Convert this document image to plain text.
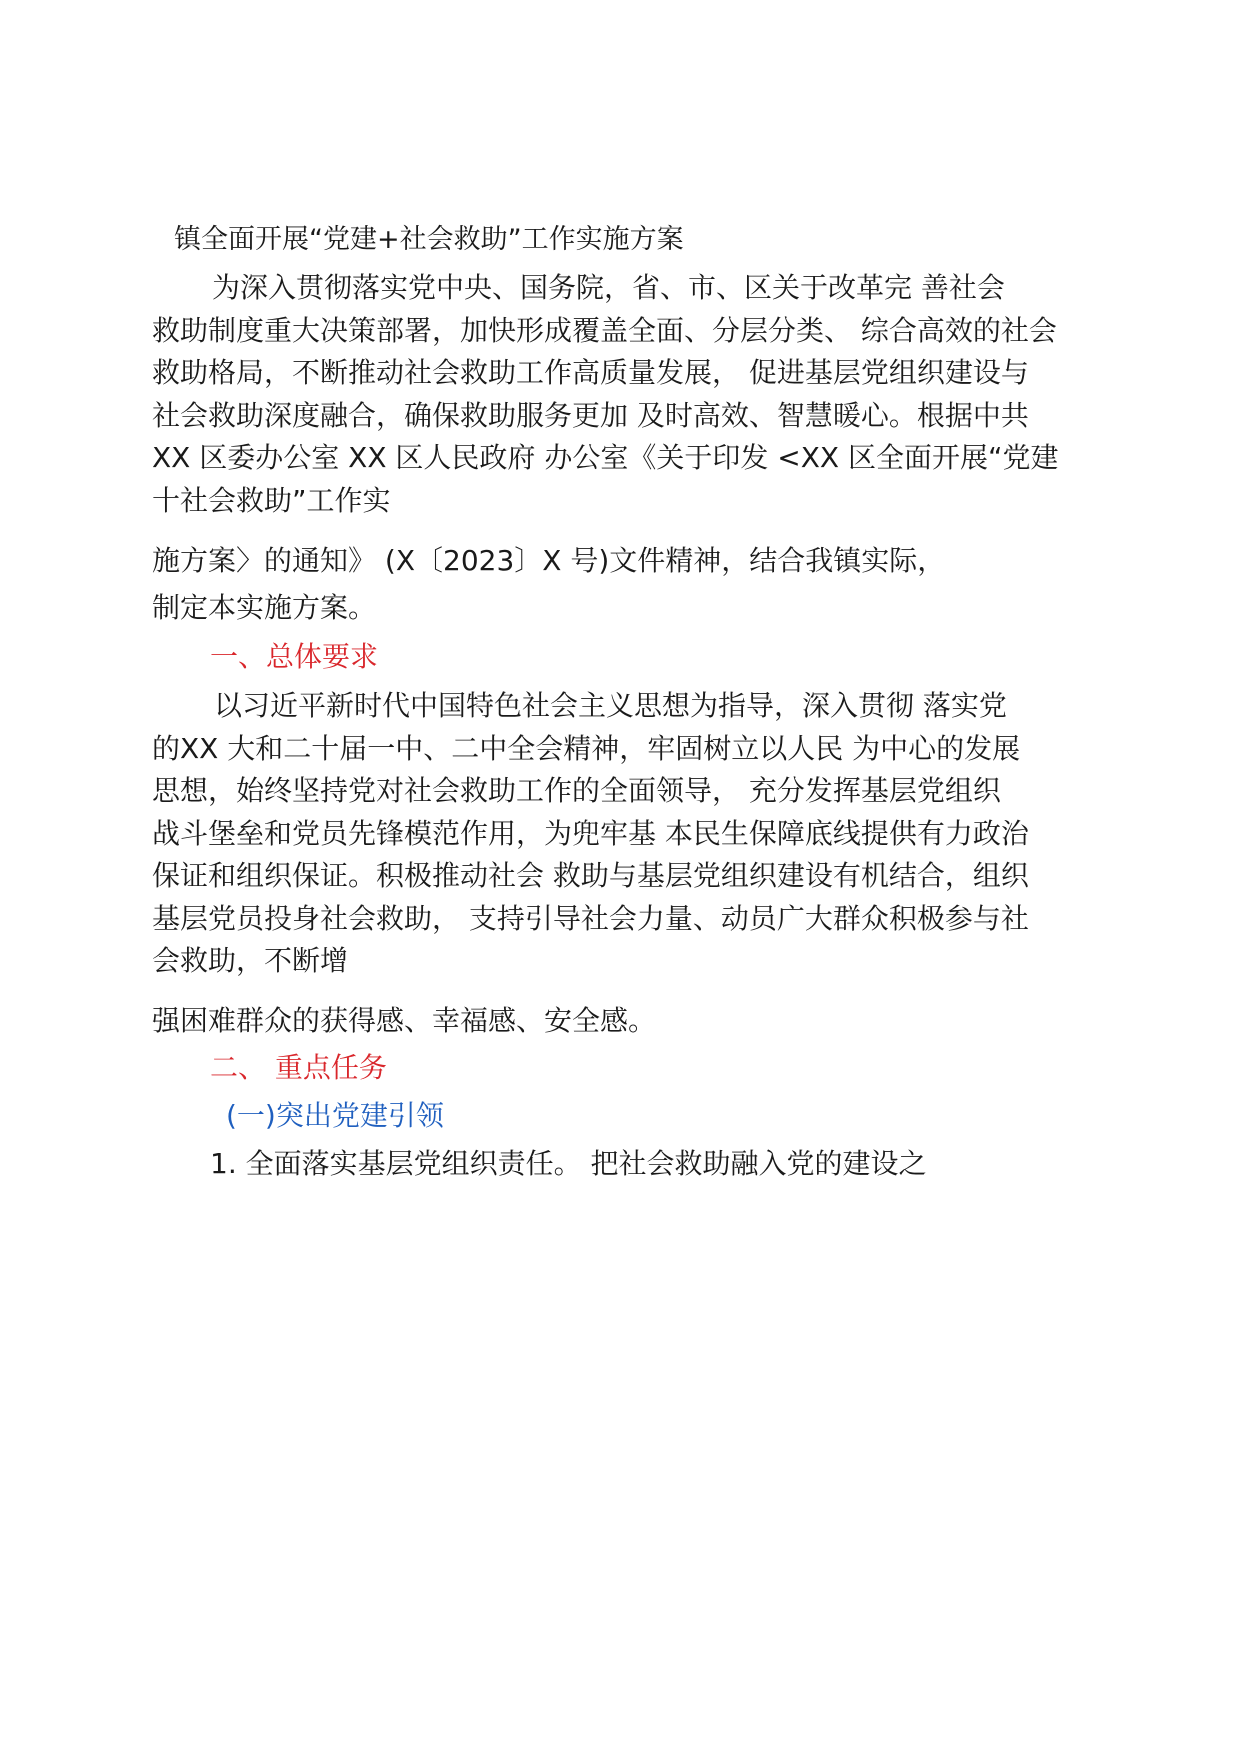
镇全面开展“党建+社会救助”工作实施方案

为深入贯彻落实党中央、国务院，省、市、区关于改革完 善社会

救助制度重大决策部署，加快形成覆盖全面、分层分类、 综合高效的社会

救助格局，不断推动社会救助工作高质量发展， 促进基层党组织建设与

社会救助深度融合，确保救助服务更加 及时高效、智慧暖心。根据中共

XX 区委办公室 XX 区人民政府 办公室《关于印发 <XX 区全面开展“党建

十社会救助”工作实

施方案〉的通知》 (X〔2023〕X 号)文件精神，结合我镇实际，

制定本实施方案。

一、总体要求

以习近平新时代中国特色社会主义思想为指导，深入贯彻 落实党

的XX 大和二十届一中、二中全会精神，牢固树立以人民 为中心的发展

思想，始终坚持党对社会救助工作的全面领导， 充分发挥基层党组织

战斗堡垒和党员先锋模范作用，为兜牢基 本民生保障底线提供有力政治

保证和组织保证。积极推动社会 救助与基层党组织建设有机结合，组织

基层党员投身社会救助， 支持引导社会力量、动员广大群众积极参与社

会救助，不断增

强困难群众的获得感、幸福感、安全感。

二、 重点任务

(一)突出党建引领

1. 全面落实基层党组织责任。 把社会救助融入党的建设之
